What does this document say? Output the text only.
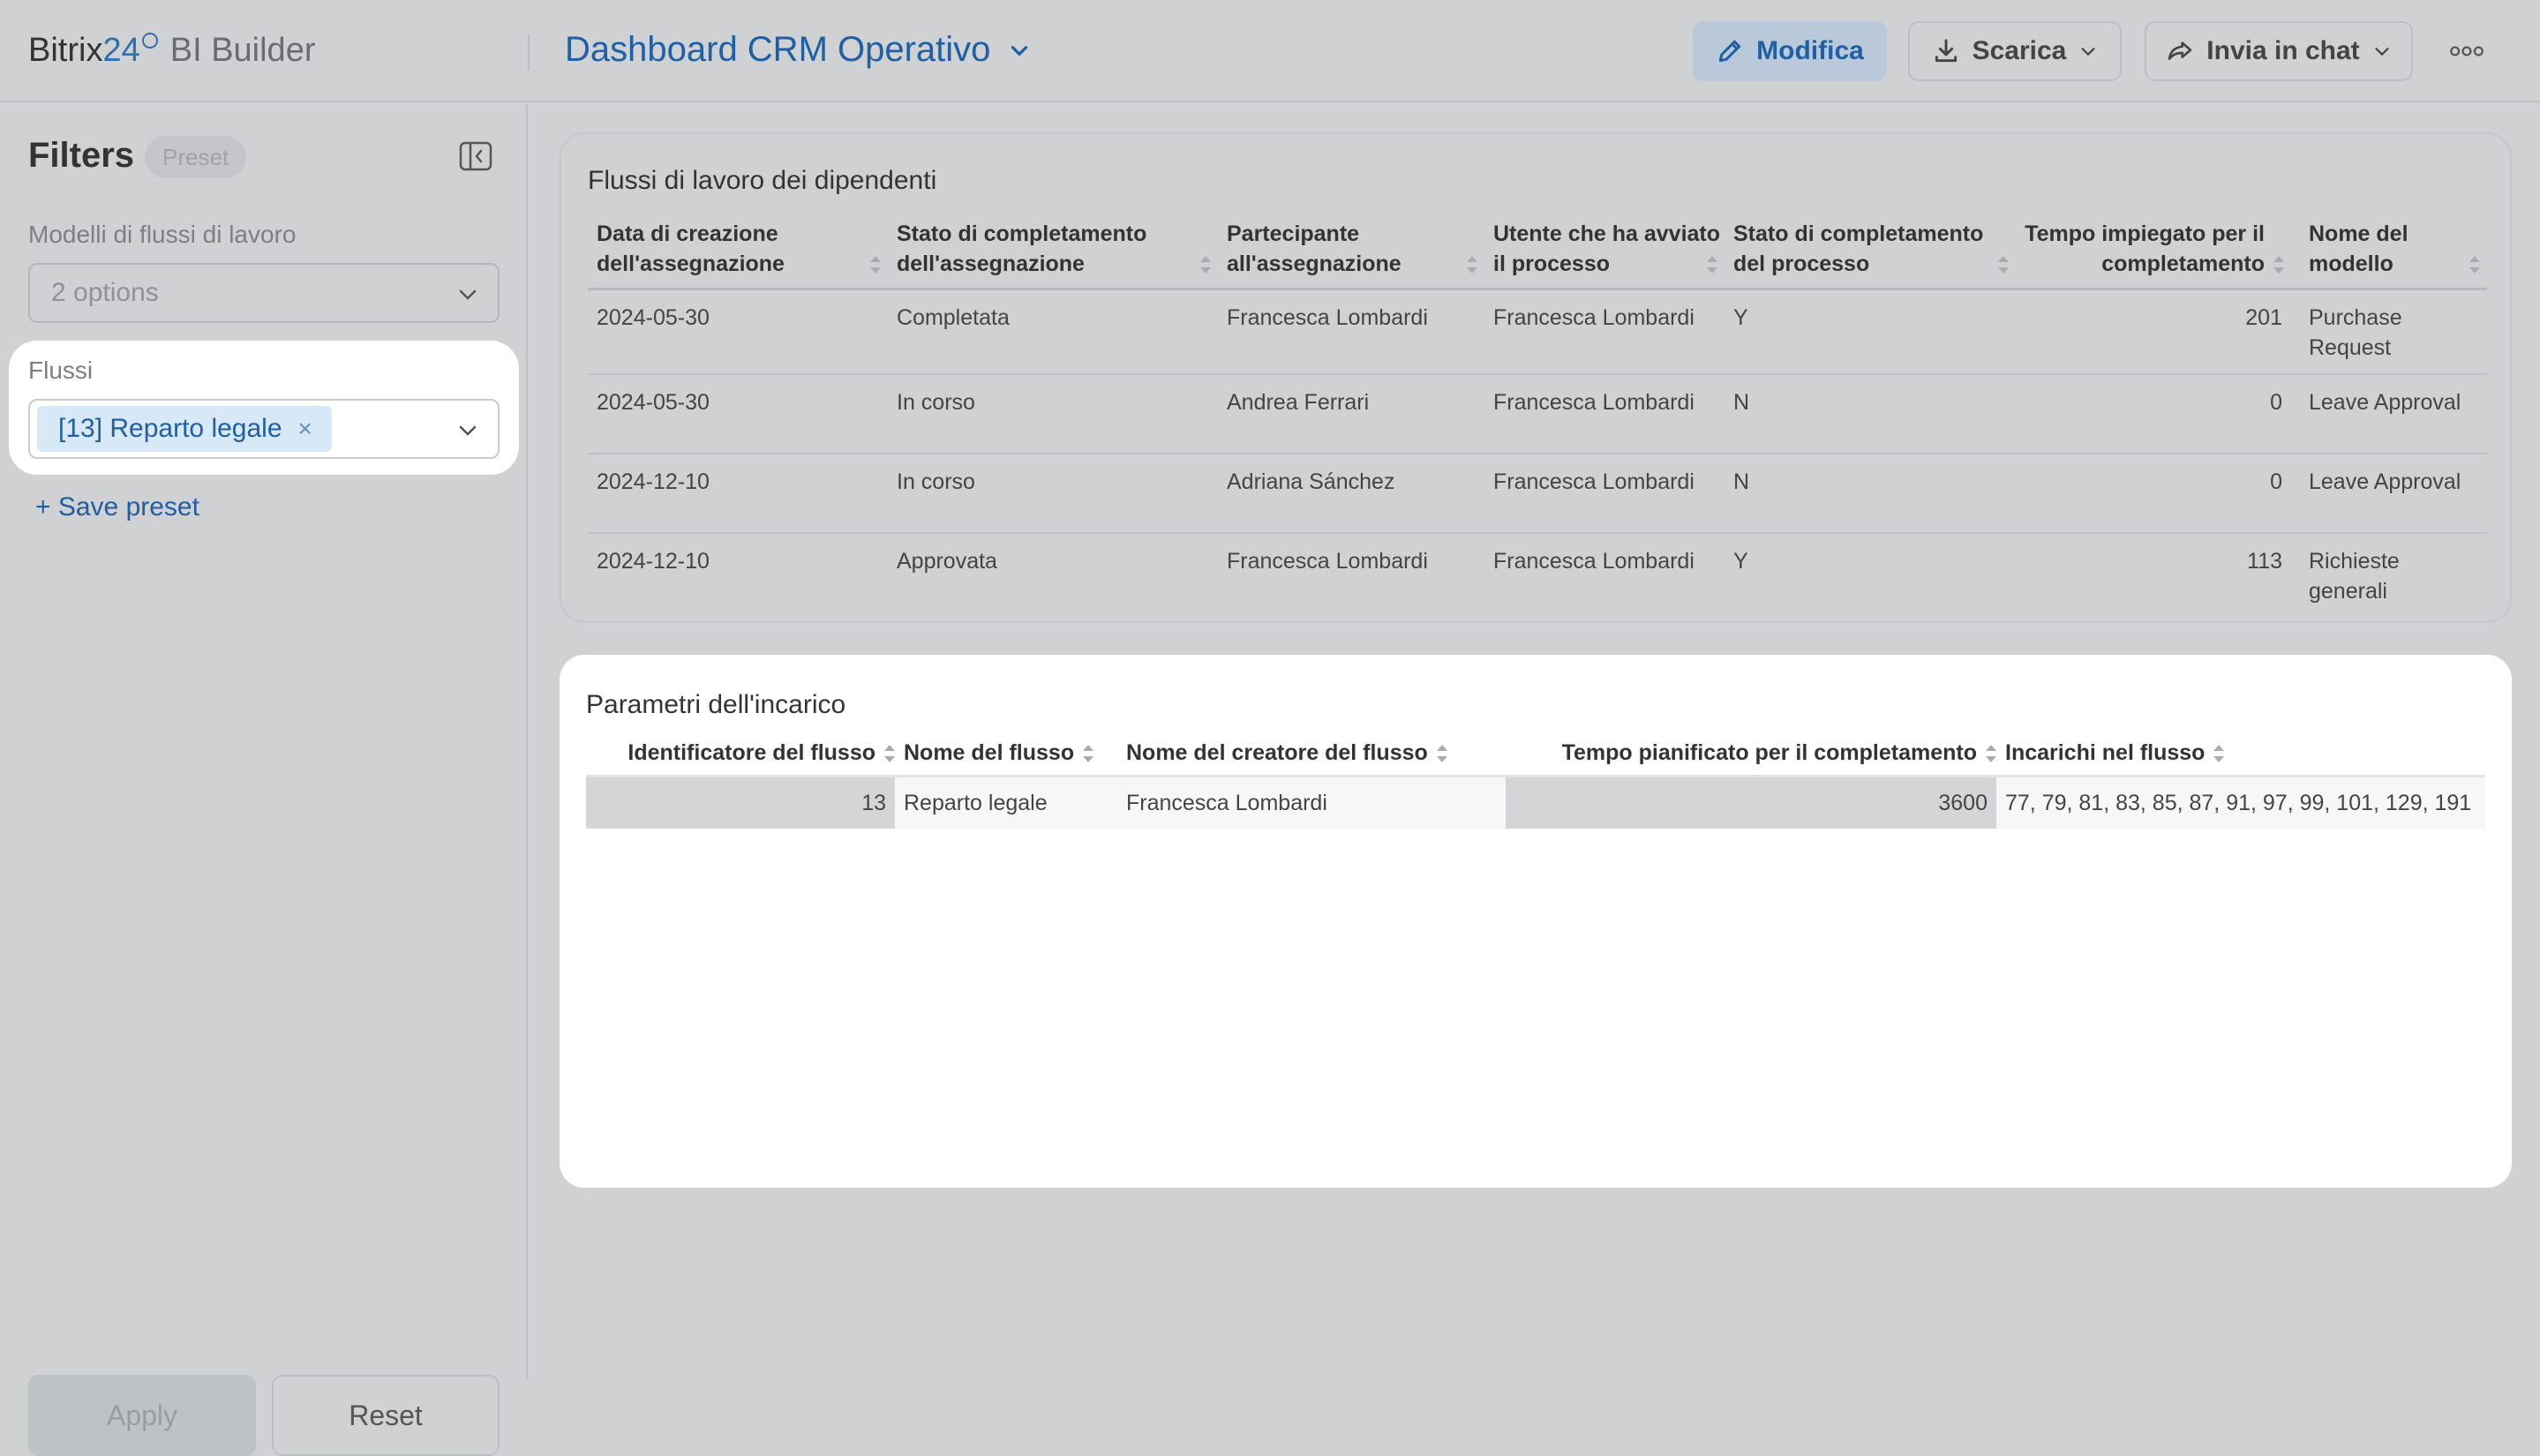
Bitrix24 BI Builder	Dashboard CRM Operativo	Modifica	Scarica	Invia in chat
Filters	Preset
Modelli di flussi di lavoro
2 options
Flussi
[13] Reparto legale ×
+ Save preset
Apply	Reset
Flussi di lavoro dei dipendenti
Data di creazione dell'assegnazione	Stato di completamento dell'assegnazione	Partecipante all'assegnazione	Utente che ha avviato il processo	Stato di completamento del processo	Tempo impiegato per il completamento	Nome del modello

2024-05-30	Completata	Francesca Lombardi	Francesca Lombardi	Y	201	Purchase Request
2024-05-30	In corso	Andrea Ferrari	Francesca Lombardi	N	0	Leave Approval
2024-12-10	In corso	Adriana Sánchez	Francesca Lombardi	N	0	Leave Approval
2024-12-10	Approvata	Francesca Lombardi	Francesca Lombardi	Y	113	Richieste generali
Parametri dell'incarico
Identificatore del flusso	Nome del flusso	Nome del creatore del flusso	Tempo pianificato per il completamento	Incarichi nel flusso
13	Reparto legale	Francesca Lombardi	3600	77, 79, 81, 83, 85, 87, 91, 97, 99, 101, 129, 191
